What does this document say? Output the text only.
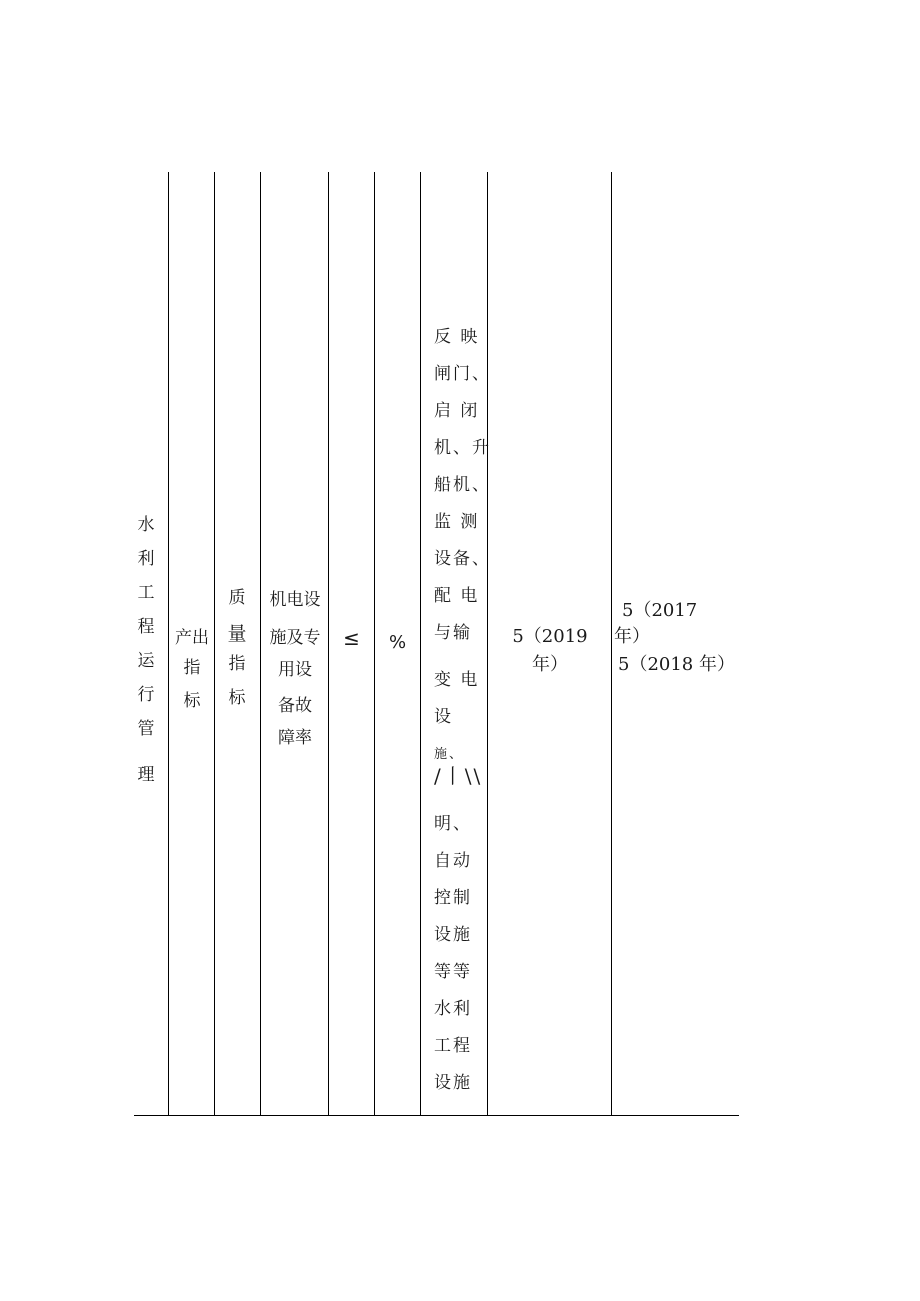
水
利
工
程
运
行
管
理
产出
指
标
质
量
指
标
机电设
施及专
用设
备故
障率
≤	%
反 映
闸门、
启 闭
机、升
船机、
监 测
设备、
配 电
与输
变 电
设
施、
/丨\\
明、
自动
控制
设施
等等
水利
工程
设施
5（2019
年）
5（2017
年）
5（2018 年）
